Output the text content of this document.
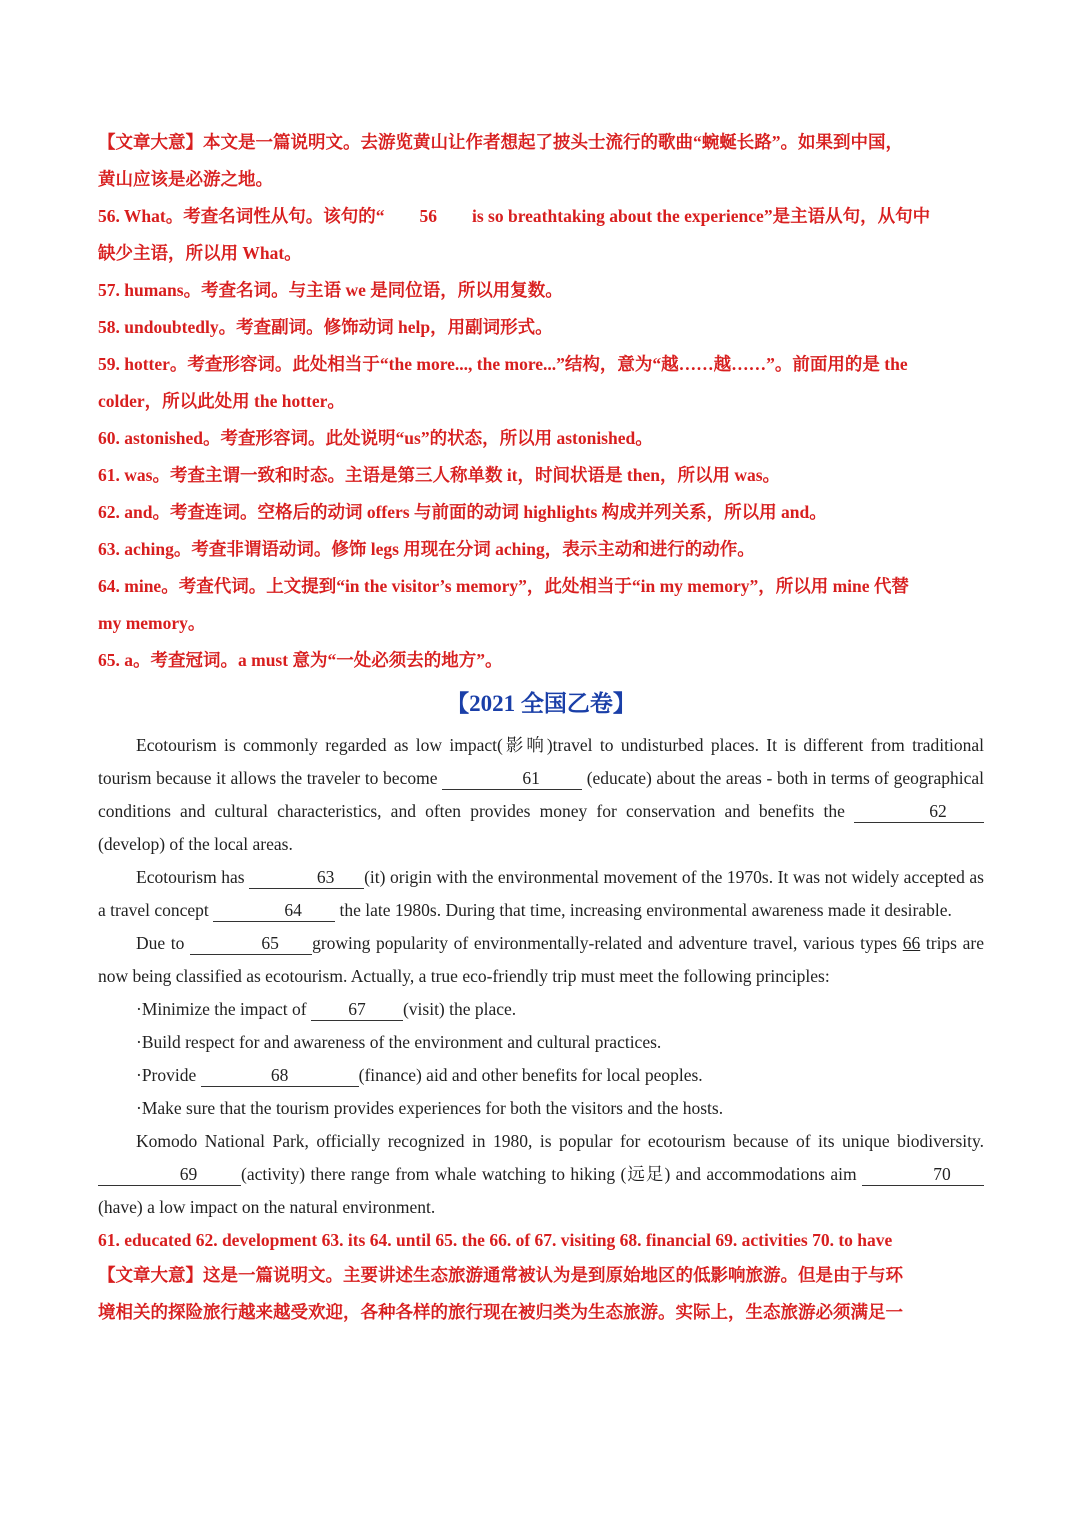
【文章大意】本文是一篇说明文。去游览黄山让作者想起了披头士流行的歌曲“蜿蜒长路”。如果到中国，

黄山应该是必游之地。

56. What。考查名词性从句。该句的“　　56　　is so breathtaking about the experience”是主语从句，从句中
缺少主语，所以用 What。

57. humans。考查名词。与主语 we 是同位语，所以用复数。

58. undoubtedly。考查副词。修饰动词 help，用副词形式。

59. hotter。考查形容词。此处相当于“the more..., the more...”结构，意为“越……越……”。前面用的是 the
colder，所以此处用 the hotter。

60. astonished。考查形容词。此处说明“us”的状态，所以用 astonished。

61. was。考查主谓一致和时态。主语是第三人称单数 it，时间状语是 then，所以用 was。

62. and。考查连词。空格后的动词 offers 与前面的动词 highlights 构成并列关系，所以用 and。

63. aching。考查非谓语动词。修饰 legs 用现在分词 aching，表示主动和进行的动作。

64. mine。考查代词。上文提到“in the visitor’s memory”，此处相当于“in my memory”，所以用 mine 代替
my memory。

65. a。考查冠词。a must 意为“一处必须去的地方”。

【2021 全国乙卷】

Ecotourism is commonly regarded as low impact(影响)travel to undisturbed places. It is different from traditional tourism because it allows the traveler to become	61 (educate) about the areas - both in terms of geographical conditions and cultural characteristics, and often provides money for conservation and benefits the	62(develop) of the local areas.

Ecotourism has	63 (it) origin with the environmental movement of the 1970s. It was not widely accepted as a travel concept	64 the late 1980s. During that time, increasing environmental awareness made it desirable.

Due to	65 growing popularity of environmentally-related and adventure travel, various types 66 trips are now being classified as ecotourism. Actually, a true eco-friendly trip must meet the following principles:

·Minimize the impact of 67 (visit) the place.

·Build respect for and awareness of the environment and cultural practices.

·Provide	68	(finance) aid and other benefits for local peoples.

·Make sure that the tourism provides experiences for both the visitors and the hosts.

Komodo National Park, officially recognized in 1980, is popular for ecotourism because of its unique biodiversity. 69	(activity) there range from whale watching to hiking (远足) and accommodations aim	70(have) a low impact on the natural environment.

61. educated 62. development 63. its 64. until 65. the 66. of 67. visiting 68. financial 69. activities 70. to have

【文章大意】这是一篇说明文。主要讲述生态旅游通常被认为是到原始地区的低影响旅游。但是由于与环

境相关的探险旅行越来越受欢迎，各种各样的旅行现在被归类为生态旅游。实际上，生态旅游必须满足一
